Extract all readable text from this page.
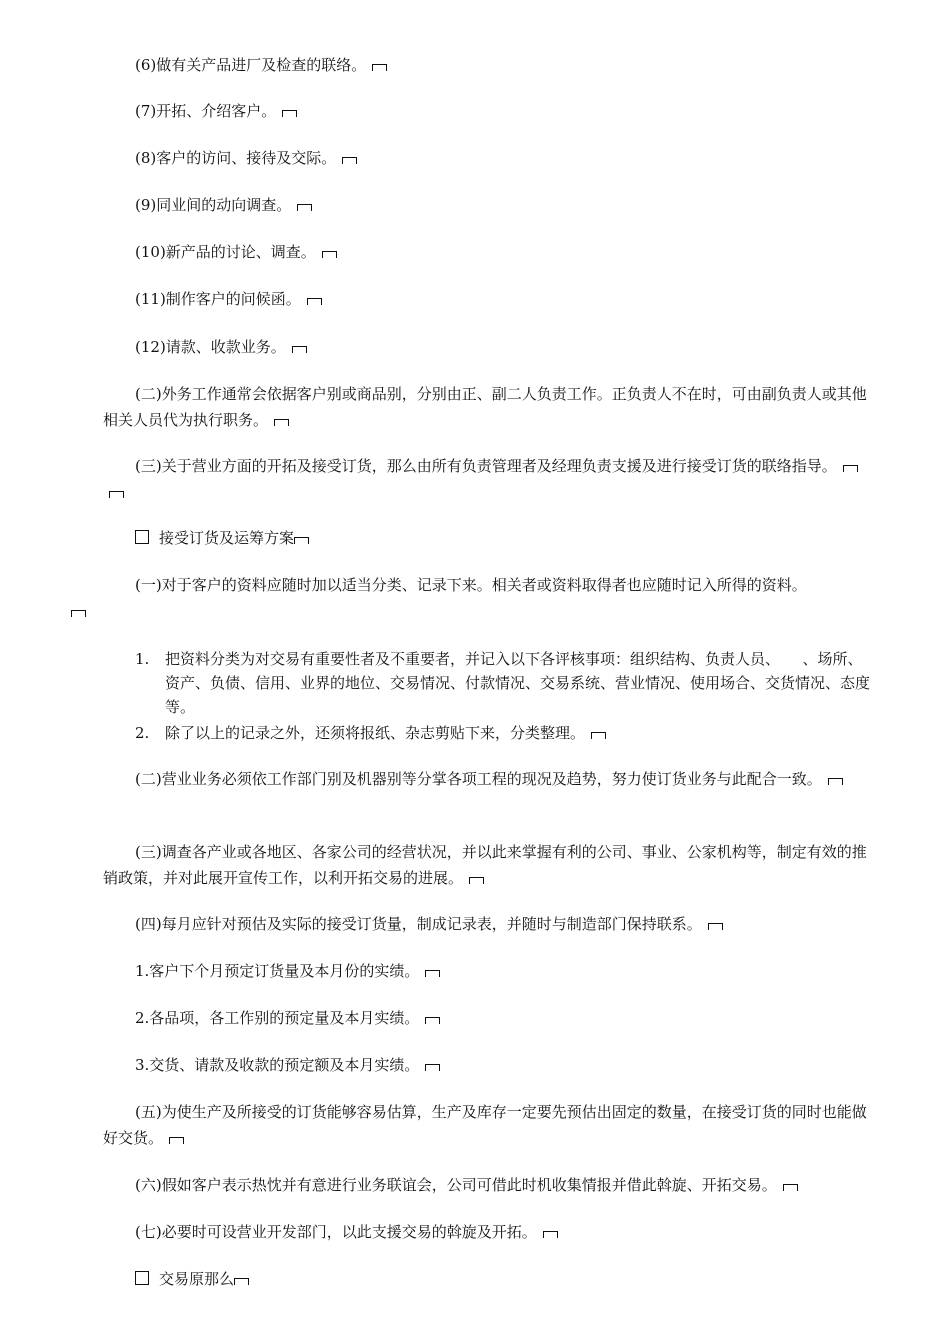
(6)做有关产品进厂及检查的联络。

(7)开拓、介绍客户。

(8)客户的访问、接待及交际。

(9)同业间的动向调查。

(10)新产品的讨论、调查。

(11)制作客户的问候函。

(12)请款、收款业务。

(二)外务工作通常会依据客户别或商品别，分别由正、副二人负责工作。正负责人不在时，可由副负责人或其他相关人员代为执行职务。

(三)关于营业方面的开拓及接受订货，那么由所有负责管理者及经理负责支援及进行接受订货的联络指导。

接受订货及运筹方案

(一)对于客户的资料应随时加以适当分类、记录下来。相关者或资料取得者也应随时记入所得的资料。

1. 把资料分类为对交易有重要性者及不重要者，并记入以下各评核事项：组织结构、负责人员、　　、场所、资产、负债、信用、业界的地位、交易情况、付款情况、交易系统、营业情况、使用场合、交货情况、态度等。
2. 除了以上的记录之外，还须将报纸、杂志剪贴下来，分类整理。

(二)营业业务必须依工作部门别及机器别等分掌各项工程的现况及趋势，努力使订货业务与此配合一致。

(三)调查各产业或各地区、各家公司的经营状况，并以此来掌握有利的公司、事业、公家机构等，制定有效的推销政策，并对此展开宣传工作，以利开拓交易的进展。

(四)每月应针对预估及实际的接受订货量，制成记录表，并随时与制造部门保持联系。

1.客户下个月预定订货量及本月份的实绩。

2.各品项，各工作别的预定量及本月实绩。

3.交货、请款及收款的预定额及本月实绩。

(五)为使生产及所接受的订货能够容易估算，生产及库存一定要先预估出固定的数量，在接受订货的同时也能做好交货。

(六)假如客户表示热忱并有意进行业务联谊会，公司可借此时机收集情报并借此斡旋、开拓交易。

(七)必要时可设营业开发部门，以此支援交易的斡旋及开拓。

交易原那么
